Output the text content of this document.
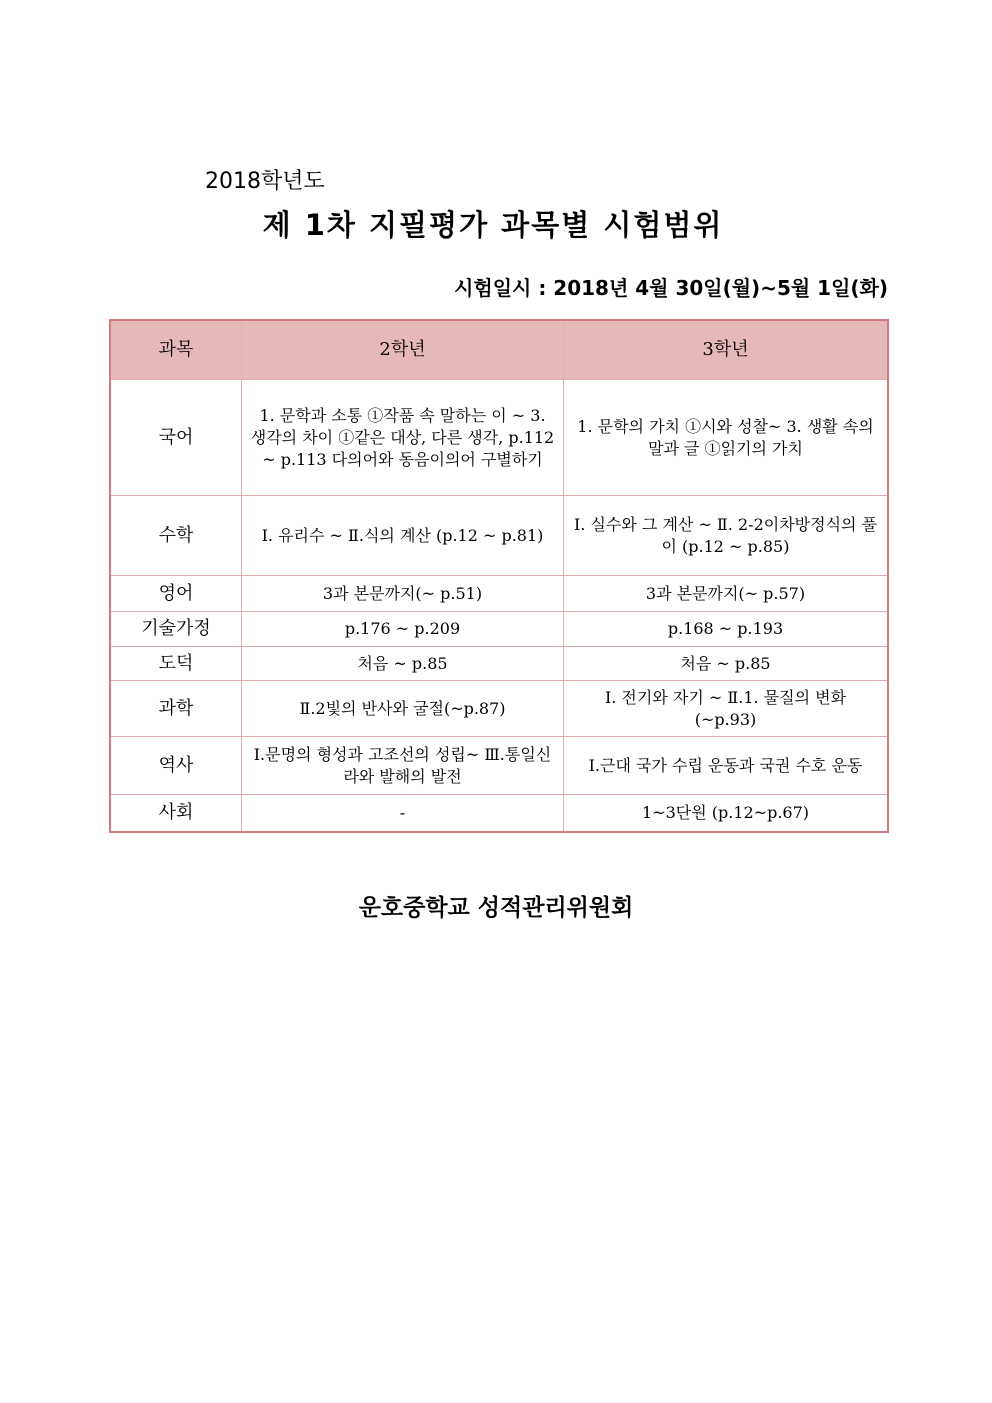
2018학년도
제 1차 지필평가 과목별 시험범위
시험일시 : 2018년 4월 30일(월)~5월 1일(화)
과목	2학년	3학년
국어	1. 문학과 소통 ①작품 속 말하는 이 ~ 3. 생각의 차이 ①같은 대상, 다른 생각, p.112 ~ p.113 다의어와 동음이의어 구별하기	1. 문학의 가치 ①시와 성찰~ 3. 생활 속의 말과 글 ①읽기의 가치
수학	Ⅰ. 유리수 ~ Ⅱ.식의 계산 (p.12 ~ p.81)	Ⅰ. 실수와 그 계산 ~ Ⅱ. 2-2이차방정식의 풀이 (p.12 ~ p.85)
영어	3과 본문까지(~ p.51)	3과 본문까지(~ p.57)
기술가정	p.176 ~ p.209	p.168 ~ p.193
도덕	처음 ~ p.85	처음 ~ p.85
과학	Ⅱ.2빛의 반사와 굴절(~p.87)	Ⅰ. 전기와 자기 ~ Ⅱ.1. 물질의 변화 (~p.93)
역사	Ⅰ.문명의 형성과 고조선의 성립~ Ⅲ.통일신라와 발해의 발전	Ⅰ.근대 국가 수립 운동과 국권 수호 운동
사회	-	1~3단원 (p.12~p.67)
운호중학교 성적관리위원회
